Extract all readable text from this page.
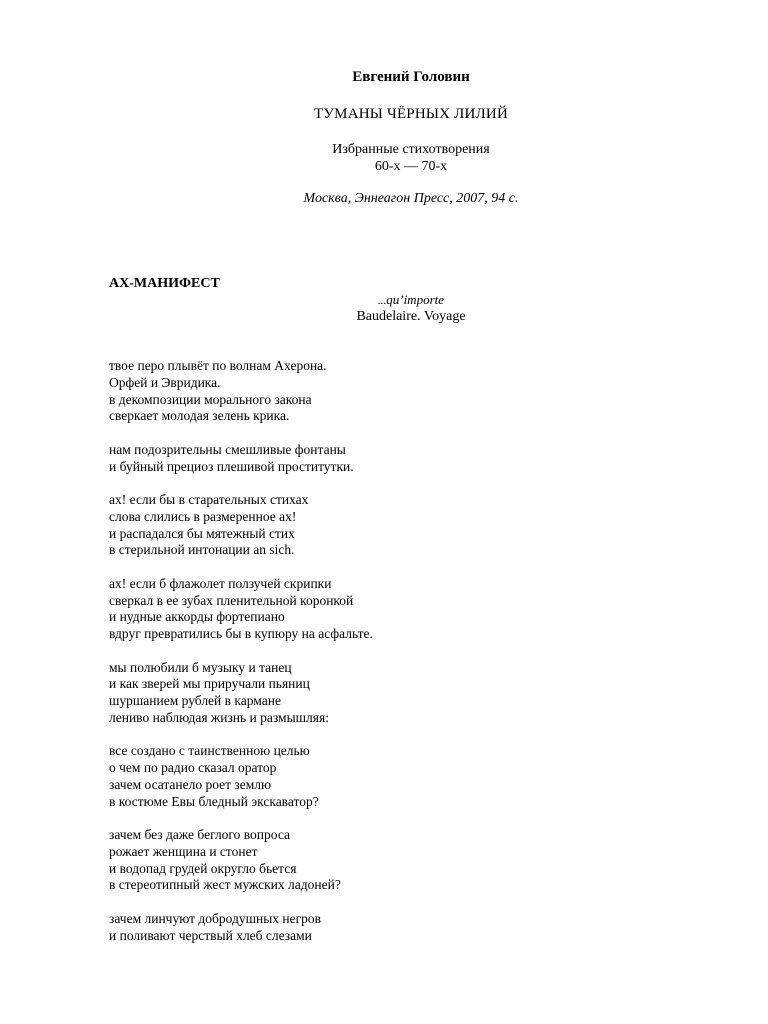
Евгений Головин
ТУМАНЫ ЧЁРНЫХ ЛИЛИЙ
Избранные стихотворения
60-х — 70-х
Москва, Эннеагон Пресс, 2007, 94 с.
АХ-МАНИФЕСТ
...qu’importe
Baudelaire. Voyage
твое перо плывёт по волнам Ахерона.
Орфей и Эвридика.
в декомпозиции морального закона
сверкает молодая зелень крика.
нам подозрительны смешливые фонтаны
и буйный прециоз плешивой проститутки.
ах! если бы в старательных стихах
слова слились в размеренное ах!
и распадался бы мятежный стих
в стерильной интонации an sich.
ах! если б флажолет ползучей скрипки
сверкал в ее зубах пленительной коронкой
и нудные аккорды фортепиано
вдруг превратились бы в купюру на асфальте.
мы полюбили б музыку и танец
и как зверей мы приручали пьяниц
шуршанием рублей в кармане
лениво наблюдая жизнь и размышляя:
все создано с таинственною целью
о чем по радио сказал оратор
зачем осатанело роет землю
в костюме Евы бледный экскаватор?
зачем без даже беглого вопроса
рожает женщина и стонет
и водопад грудей округло бьется
в стереотипный жест мужских ладоней?
зачем линчуют добродушных негров
и поливают черствый хлеб слезами
